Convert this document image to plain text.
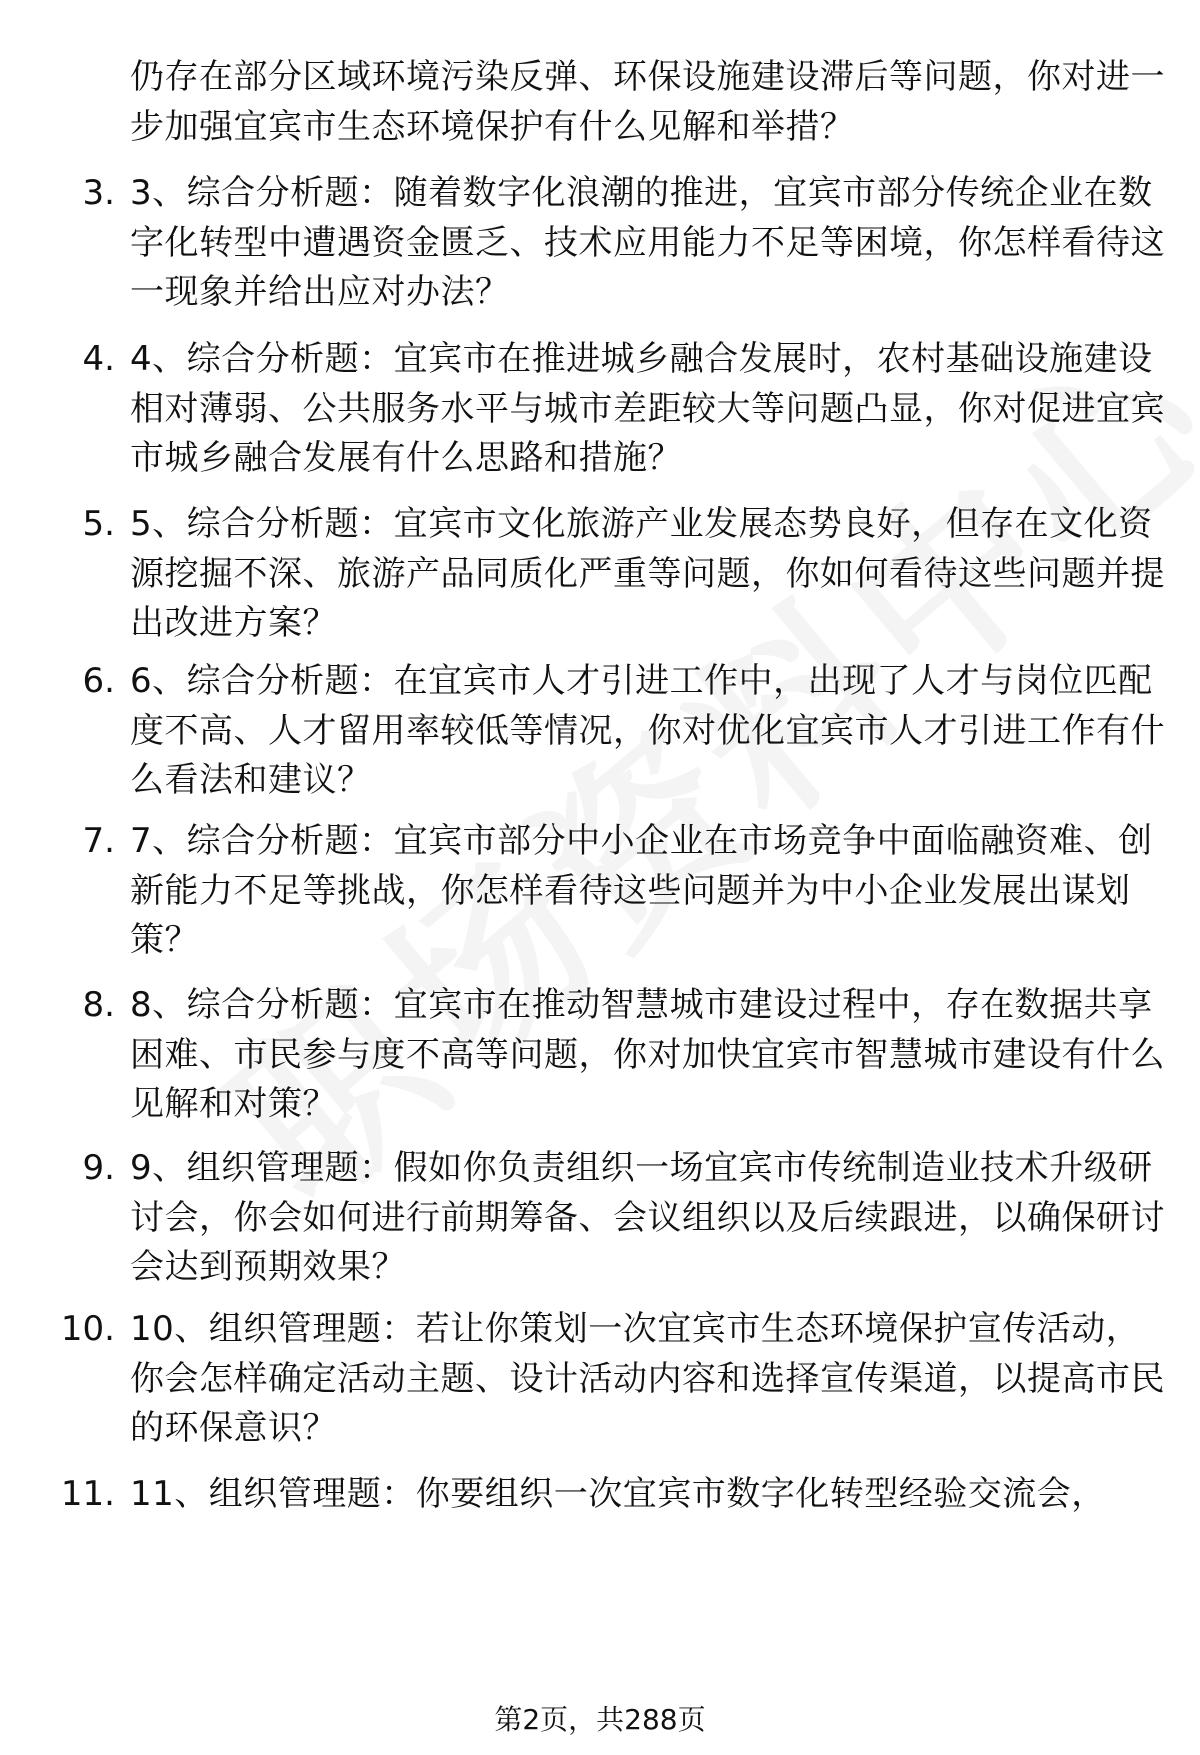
仍存在部分区域环境污染反弹、环保设施建设滞后等问题，你对进一步加强宜宾市生态环境保护有什么见解和举措？
3. 3、综合分析题：随着数字化浪潮的推进，宜宾市部分传统企业在数字化转型中遭遇资金匮乏、技术应用能力不足等困境，你怎样看待这一现象并给出应对办法？
4. 4、综合分析题：宜宾市在推进城乡融合发展时，农村基础设施建设相对薄弱、公共服务水平与城市差距较大等问题凸显，你对促进宜宾市城乡融合发展有什么思路和措施？
5. 5、综合分析题：宜宾市文化旅游产业发展态势良好，但存在文化资源挖掘不深、旅游产品同质化严重等问题，你如何看待这些问题并提出改进方案？
6. 6、综合分析题：在宜宾市人才引进工作中，出现了人才与岗位匹配度不高、人才留用率较低等情况，你对优化宜宾市人才引进工作有什么看法和建议？
7. 7、综合分析题：宜宾市部分中小企业在市场竞争中面临融资难、创新能力不足等挑战，你怎样看待这些问题并为中小企业发展出谋划策？
8. 8、综合分析题：宜宾市在推动智慧城市建设过程中，存在数据共享困难、市民参与度不高等问题，你对加快宜宾市智慧城市建设有什么见解和对策？
9. 9、组织管理题：假如你负责组织一场宜宾市传统制造业技术升级研讨会，你会如何进行前期筹备、会议组织以及后续跟进，以确保研讨会达到预期效果？
10. 10、组织管理题：若让你策划一次宜宾市生态环境保护宣传活动，你会怎样确定活动主题、设计活动内容和选择宣传渠道，以提高市民的环保意识？
11. 11、组织管理题：你要组织一次宜宾市数字化转型经验交流会，
第2页，共288页
